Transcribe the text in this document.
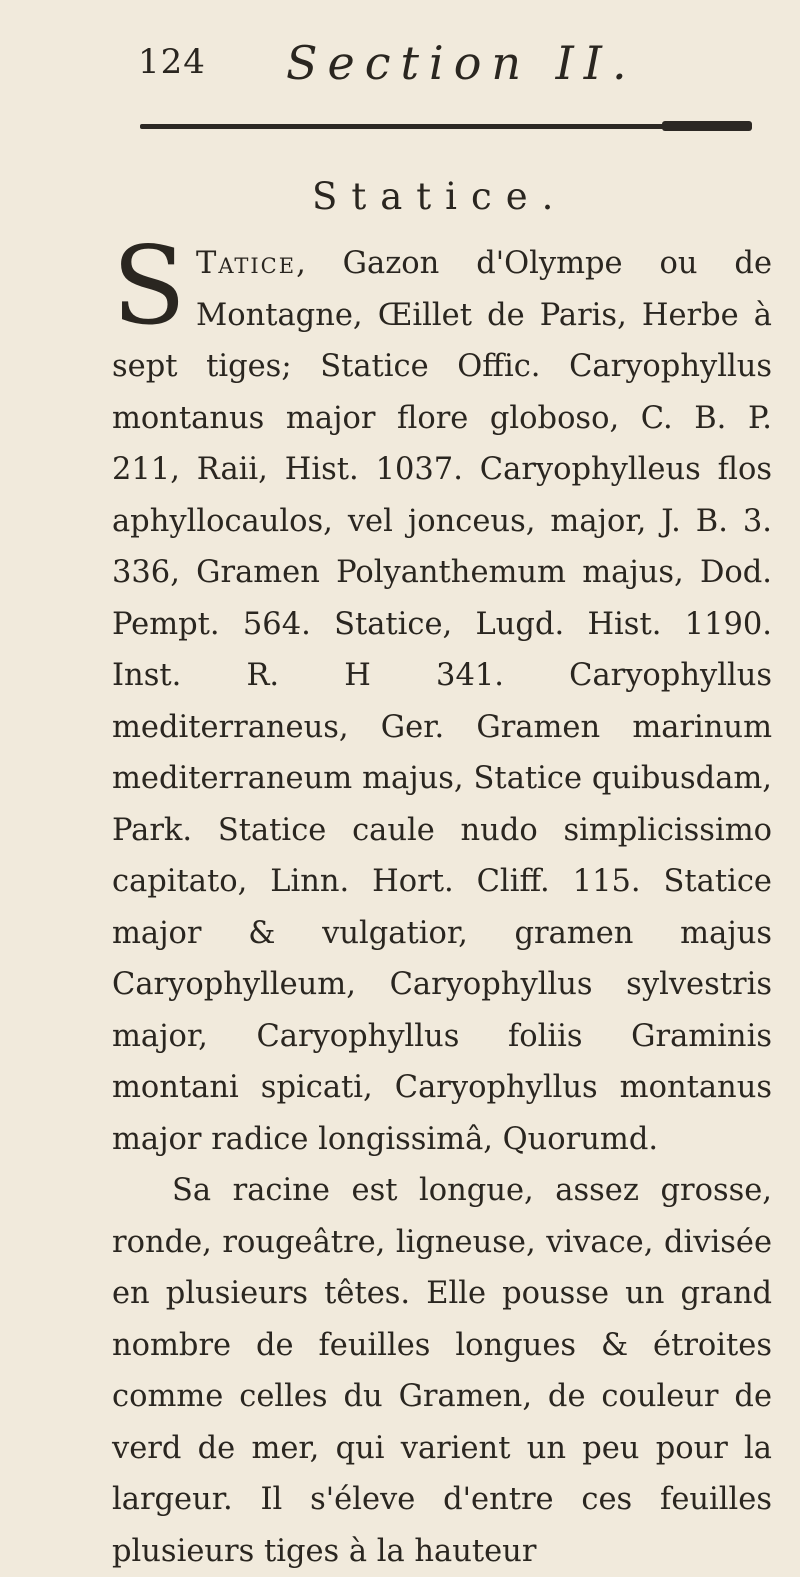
124 Section II.
Statice.

S Tatice, Gazon d'Olympe ou de Montagne, Œillet de Paris, Herbe à sept tiges; Statice Offic. Caryophyllus montanus major flore globoso, C. B. P. 211, Raii, Hist. 1037. Caryophylleus flos aphyllocaulos, vel jonceus, major, J. B. 3. 336, Gramen Polyanthemum majus, Dod. Pempt. 564. Statice, Lugd. Hist. 1190. Inst. R. H 341. Caryophyllus mediterraneus, Ger. Gramen marinum mediterraneum majus, Statice quibusdam, Park. Statice caule nudo simplicissimo capitato, Linn. Hort. Cliff. 115. Statice major & vulgatior, gramen majus Caryophylleum, Caryophyllus sylvestris major, Caryophyllus foliis Graminis montani spicati, Caryophyllus montanus major radice longissimâ, Quorumd.

Sa racine est longue, assez grosse, ronde, rougeâtre, ligneuse, vivace, divisée en plusieurs têtes. Elle pousse un grand nombre de feuilles longues & étroites comme celles du Gramen, de couleur de verd de mer, qui varient un peu pour la largeur. Il s'éleve d'entre ces feuilles plusieurs tiges à la hauteur
